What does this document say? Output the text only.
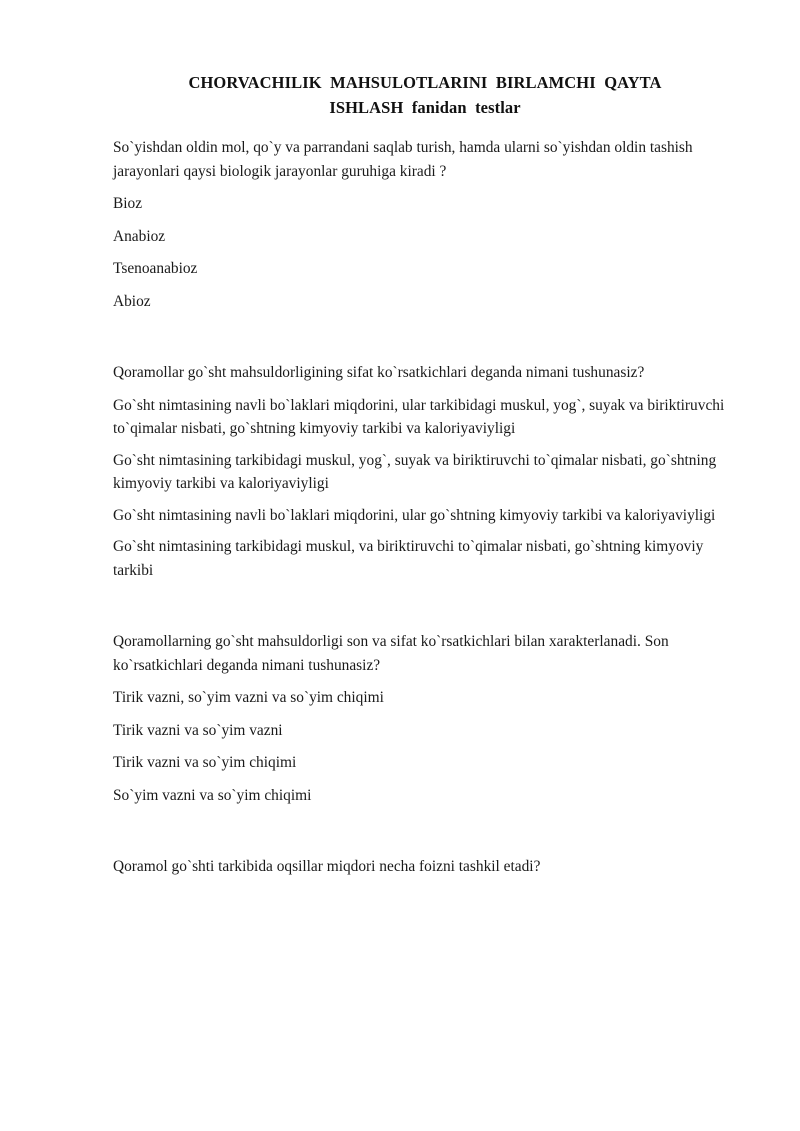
CHORVACHILIK  MAHSULOTLARINI  BIRLAMCHI  QAYTA
ISHLASH  fanidan  testlar

So`yishdan oldin mol, qo`y va parrandani saqlab turish, hamda ularni so`yishdan oldin tashish jarayonlari qaysi biologik jarayonlar guruhiga kiradi ?

Bioz
Anabioz
Tsenoanabioz
Abioz

Qoramollar go`sht mahsuldorligining sifat ko`rsatkichlari deganda nimani tushunasiz?

Go`sht nimtasining navli bo`laklari miqdorini, ular tarkibidagi muskul, yog`, suyak va biriktiruvchi to`qimalar nisbati, go`shtning kimyoviy tarkibi va kaloriyaviyligi
Go`sht nimtasining tarkibidagi muskul, yog`, suyak va biriktiruvchi to`qimalar nisbati, go`shtning kimyoviy tarkibi va kaloriyaviyligi
Go`sht nimtasining navli bo`laklari miqdorini, ular go`shtning kimyoviy tarkibi va kaloriyaviyligi
Go`sht nimtasining tarkibidagi muskul, va biriktiruvchi to`qimalar nisbati, go`shtning kimyoviy tarkibi

Qoramollarning go`sht mahsuldorligi son va sifat ko`rsatkichlari bilan xarakterlanadi. Son ko`rsatkichlari deganda nimani tushunasiz?

Tirik vazni, so`yim vazni va so`yim chiqimi
Tirik vazni va so`yim vazni
Tirik vazni va so`yim chiqimi
So`yim vazni va so`yim chiqimi

Qoramol go`shti tarkibida oqsillar miqdori necha foizni tashkil etadi?
